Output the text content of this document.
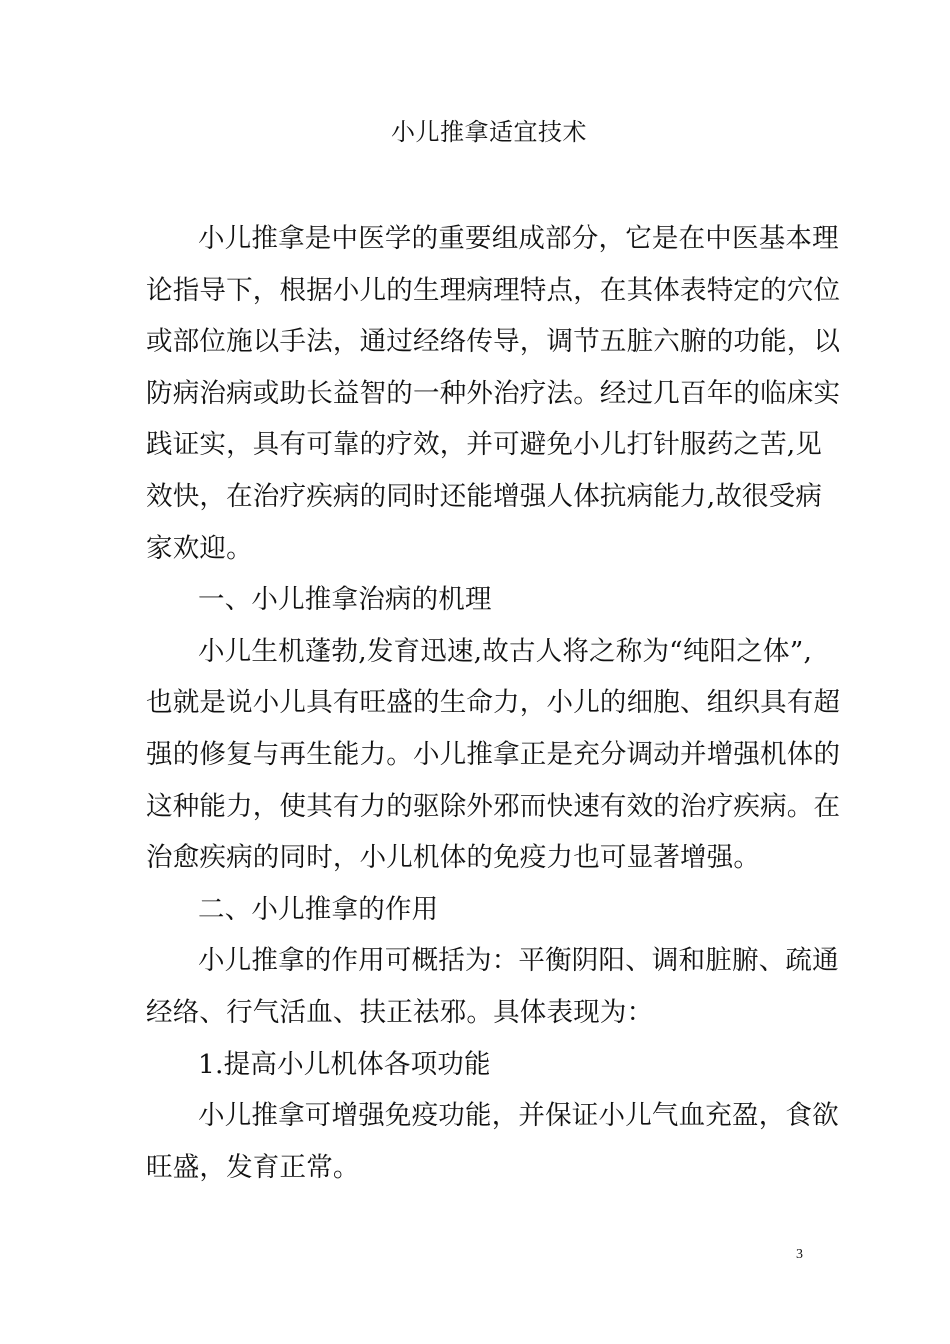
小儿推拿适宜技术
小儿推拿是中医学的重要组成部分，它是在中医基本理
论指导下，根据小儿的生理病理特点，在其体表特定的穴位
或部位施以手法，通过经络传导，调节五脏六腑的功能，以
防病治病或助长益智的一种外治疗法。经过几百年的临床实
践证实，具有可靠的疗效，并可避免小儿打针服药之苦,见
效快，在治疗疾病的同时还能增强人体抗病能力,故很受病
家欢迎。
一、小儿推拿治病的机理
小儿生机蓬勃,发育迅速,故古人将之称为“纯阳之体”,
也就是说小儿具有旺盛的生命力，小儿的细胞、组织具有超
强的修复与再生能力。小儿推拿正是充分调动并增强机体的
这种能力，使其有力的驱除外邪而快速有效的治疗疾病。在
治愈疾病的同时，小儿机体的免疫力也可显著增强。
二、小儿推拿的作用
小儿推拿的作用可概括为：平衡阴阳、调和脏腑、疏通
经络、行气活血、扶正祛邪。具体表现为：
1.提高小儿机体各项功能
小儿推拿可增强免疫功能，并保证小儿气血充盈，食欲
旺盛，发育正常。
3
